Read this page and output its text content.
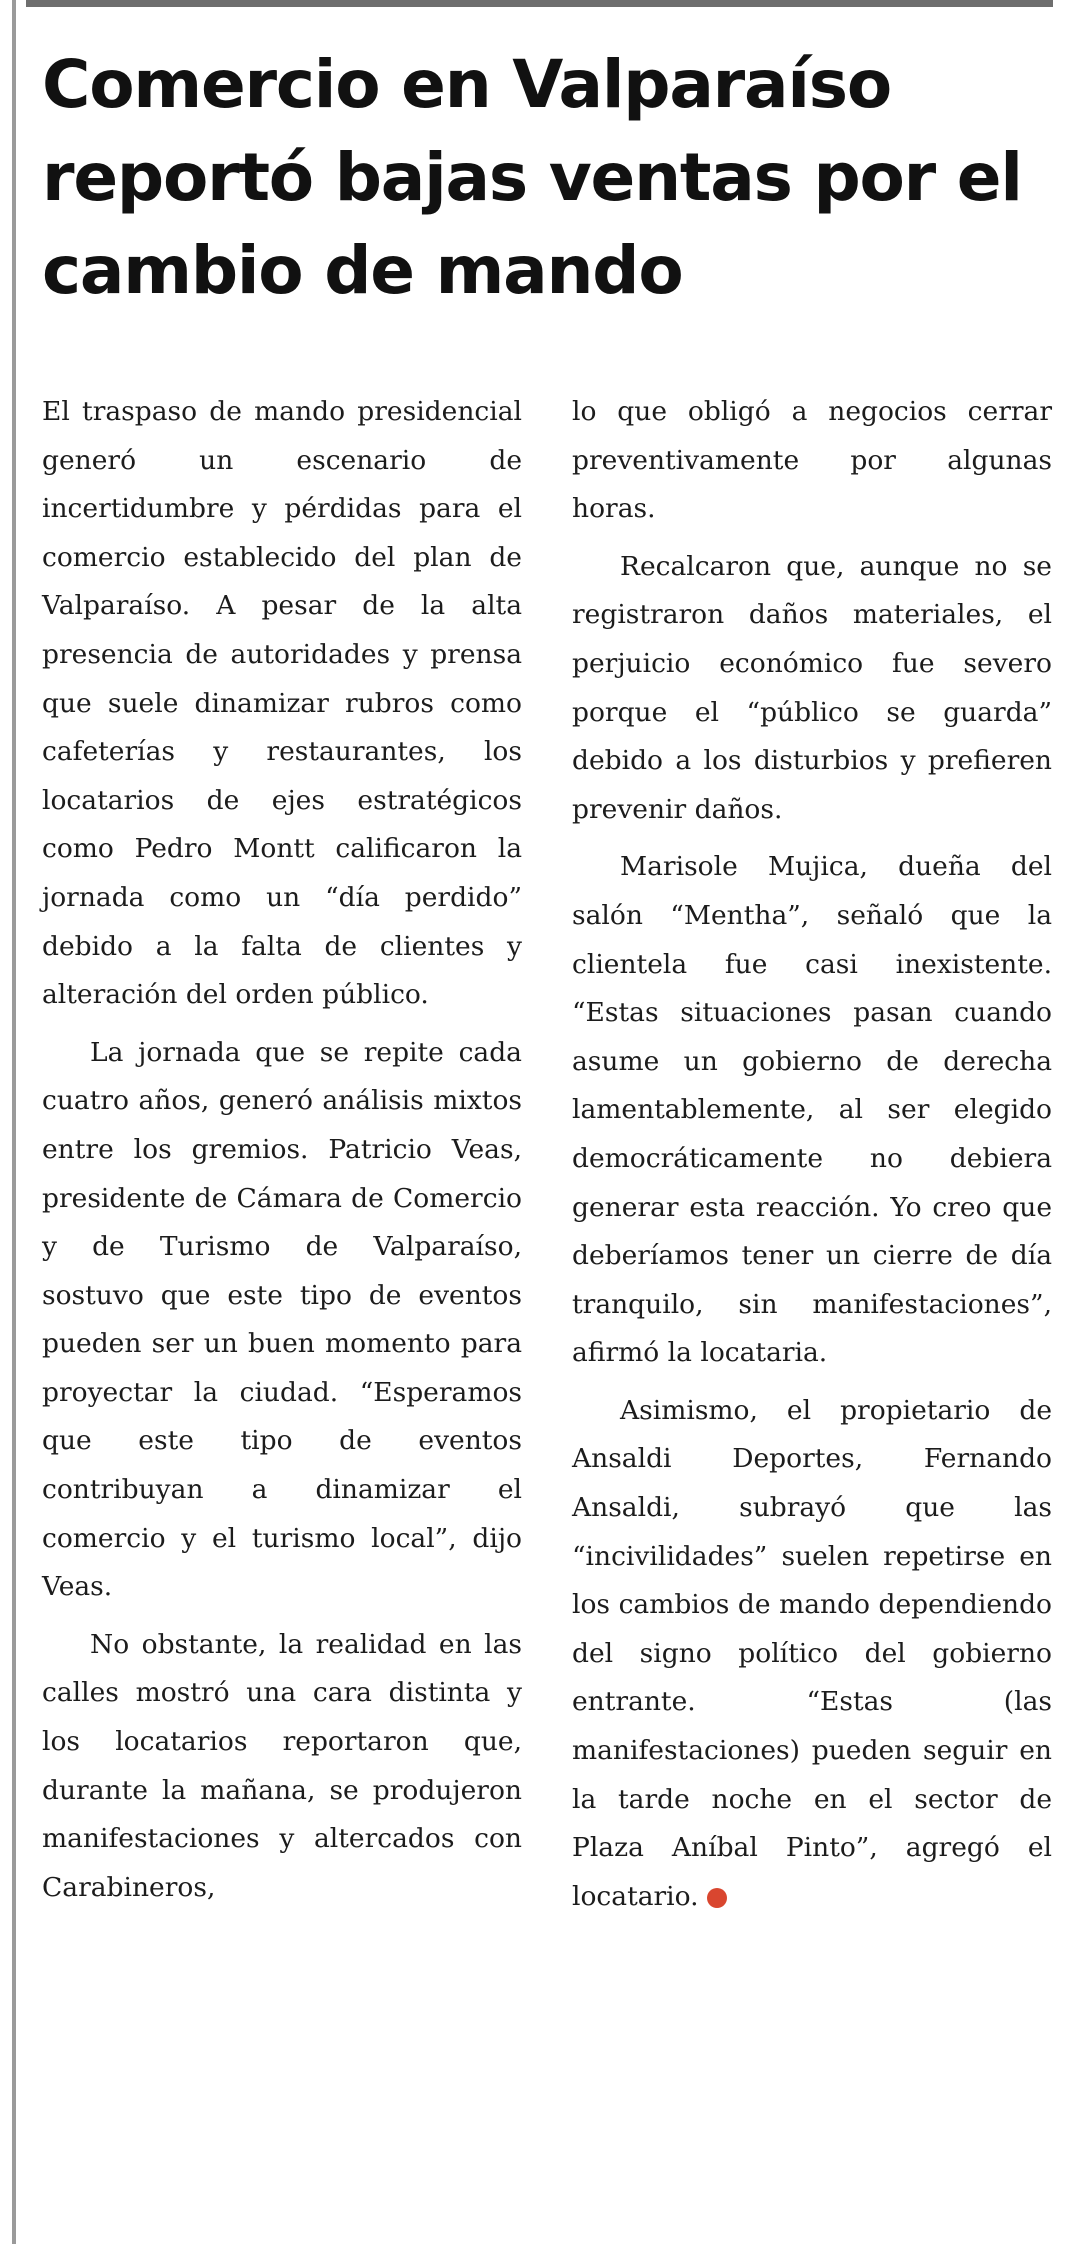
Comercio en Valparaíso reportó bajas ventas por el cambio de mando

El traspaso de mando presidencial generó un escenario de incertidumbre y pérdidas para el comercio establecido del plan de Valparaíso. A pesar de la alta presencia de autoridades y prensa que suele dinamizar rubros como cafeterías y restaurantes, los locatarios de ejes estratégicos como Pedro Montt calificaron la jornada como un “día perdido” debido a la falta de clientes y alteración del orden público.

La jornada que se repite cada cuatro años, generó análisis mixtos entre los gremios. Patricio Veas, presidente de Cámara de Comercio y de Turismo de Valparaíso, sostuvo que este tipo de eventos pueden ser un buen momento para proyectar la ciudad. “Esperamos que este tipo de eventos contribuyan a dinamizar el comercio y el turismo local”, dijo Veas.

No obstante, la realidad en las calles mostró una cara distinta y los locatarios reportaron que, durante la mañana, se produjeron manifestaciones y altercados con Carabineros,

lo que obligó a negocios cerrar preventivamente por algunas horas.

Recalcaron que, aunque no se registraron daños materiales, el perjuicio económico fue severo porque el “público se guarda” debido a los disturbios y prefieren prevenir daños.

Marisole Mujica, dueña del salón “Mentha”, señaló que la clientela fue casi inexistente. “Estas situaciones pasan cuando asume un gobierno de derecha lamentablemente, al ser elegido democráticamente no debiera generar esta reacción. Yo creo que deberíamos tener un cierre de día tranquilo, sin manifestaciones”, afirmó la locataria.

Asimismo, el propietario de Ansaldi Deportes, Fernando Ansaldi, subrayó que las “incivilidades” suelen repetirse en los cambios de mando dependiendo del signo político del gobierno entrante. “Estas (las manifestaciones) pueden seguir en la tarde noche en el sector de Plaza Aníbal Pinto”, agregó el locatario.	★
